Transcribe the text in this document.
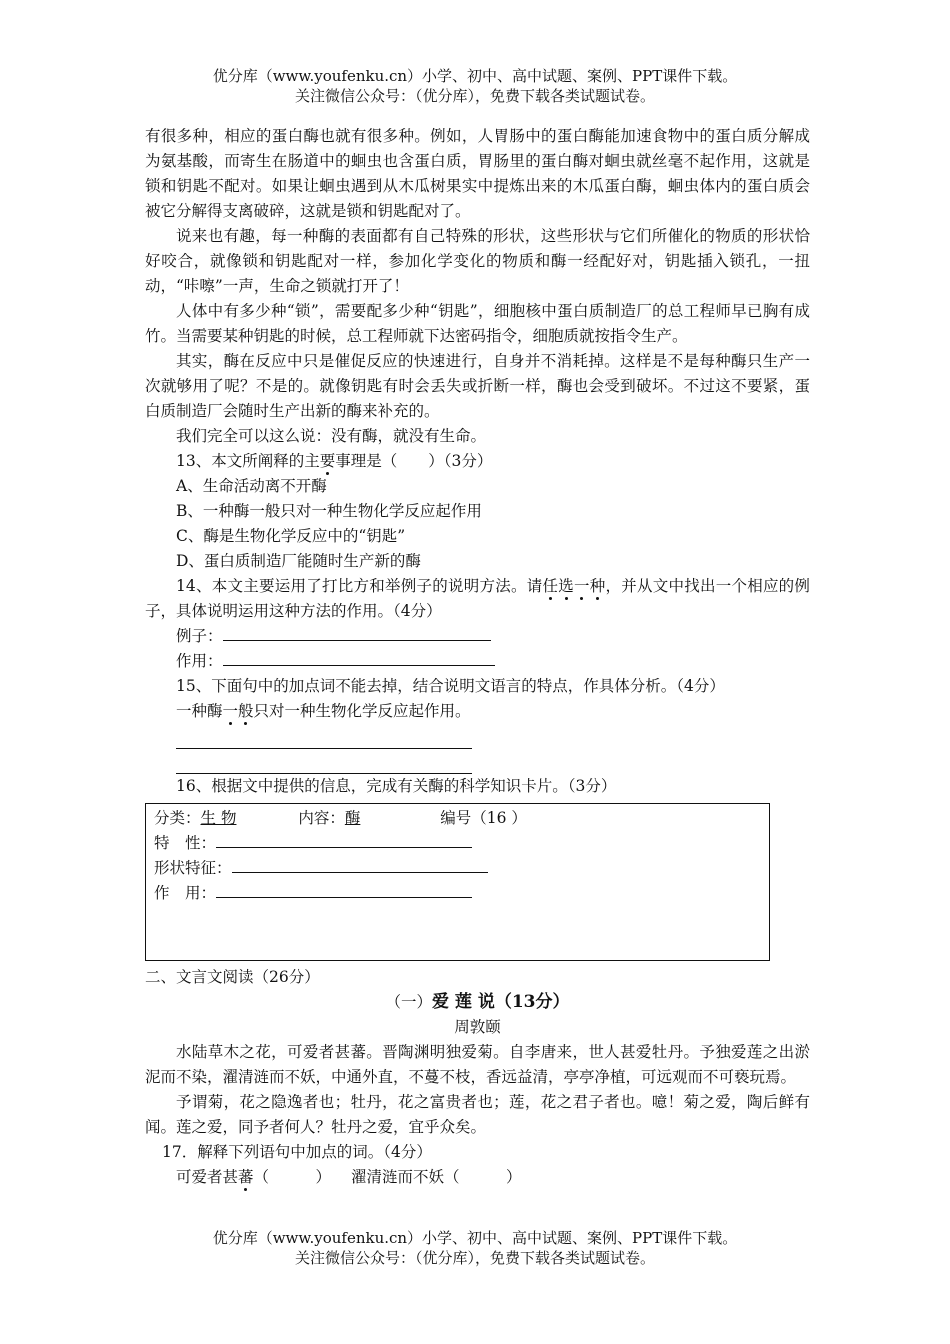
优分库（www.youfenku.cn）小学、初中、高中试题、案例、PPT课件下载。
关注微信公众号：（优分库），免费下载各类试题试卷。

有很多种，相应的蛋白酶也就有很多种。例如，人胃肠中的蛋白酶能加速食物中的蛋白质分解成为氨基酸，而寄生在肠道中的蛔虫也含蛋白质，胃肠里的蛋白酶对蛔虫就丝毫不起作用，这就是锁和钥匙不配对。如果让蛔虫遇到从木瓜树果实中提炼出来的木瓜蛋白酶，蛔虫体内的蛋白质会被它分解得支离破碎，这就是锁和钥匙配对了。

说来也有趣，每一种酶的表面都有自己特殊的形状，这些形状与它们所催化的物质的形状恰好咬合，就像锁和钥匙配对一样，参加化学变化的物质和酶一经配好对，钥匙插入锁孔，一扭动，“咔嚓”一声，生命之锁就打开了！

人体中有多少种“锁”，需要配多少种“钥匙”，细胞核中蛋白质制造厂的总工程师早已胸有成竹。当需要某种钥匙的时候，总工程师就下达密码指令，细胞质就按指令生产。

其实，酶在反应中只是催促反应的快速进行，自身并不消耗掉。这样是不是每种酶只生产一次就够用了呢？不是的。就像钥匙有时会丢失或折断一样，酶也会受到破坏。不过这不要紧，蛋白质制造厂会随时生产出新的酶来补充的。

我们完全可以这么说：没有酶，就没有生命。

13、本文所阐释的主要事理是（　　）（3分）

A、生命活动离不开酶

B、一种酶一般只对一种生物化学反应起作用

C、酶是生物化学反应中的“钥匙”

D、蛋白质制造厂能随时生产新的酶

14、本文主要运用了打比方和举例子的说明方法。请任选一种，并从文中找出一个相应的例子，具体说明运用这种方法的作用。（4分）

例子：

作用：

15、下面句中的加点词不能去掉，结合说明文语言的特点，作具体分析。（4分）

一种酶一般只对一种生物化学反应起作用。

16、根据文中提供的信息，完成有关酶的科学知识卡片。（3分）

分类：生 物	内容：酶	编号（16 ）

特　性：

形状特征：

作　用：

二、文言文阅读（26分）

（一）爱 莲 说（13分）

周敦颐

水陆草木之花，可爱者甚蕃。晋陶渊明独爱菊。自李唐来，世人甚爱牡丹。予独爱莲之出淤泥而不染，濯清涟而不妖，中通外直，不蔓不枝，香远益清，亭亭净植，可远观而不可亵玩焉。

予谓菊，花之隐逸者也；牡丹，花之富贵者也；莲，花之君子者也。噫！菊之爱，陶后鲜有闻。莲之爱，同予者何人？牡丹之爱，宜乎众矣。

17．解释下列语句中加点的词。（4分）

可爱者甚蕃（　　　） 濯清涟而不妖（　　　）

优分库（www.youfenku.cn）小学、初中、高中试题、案例、PPT课件下载。
关注微信公众号：（优分库），免费下载各类试题试卷。
